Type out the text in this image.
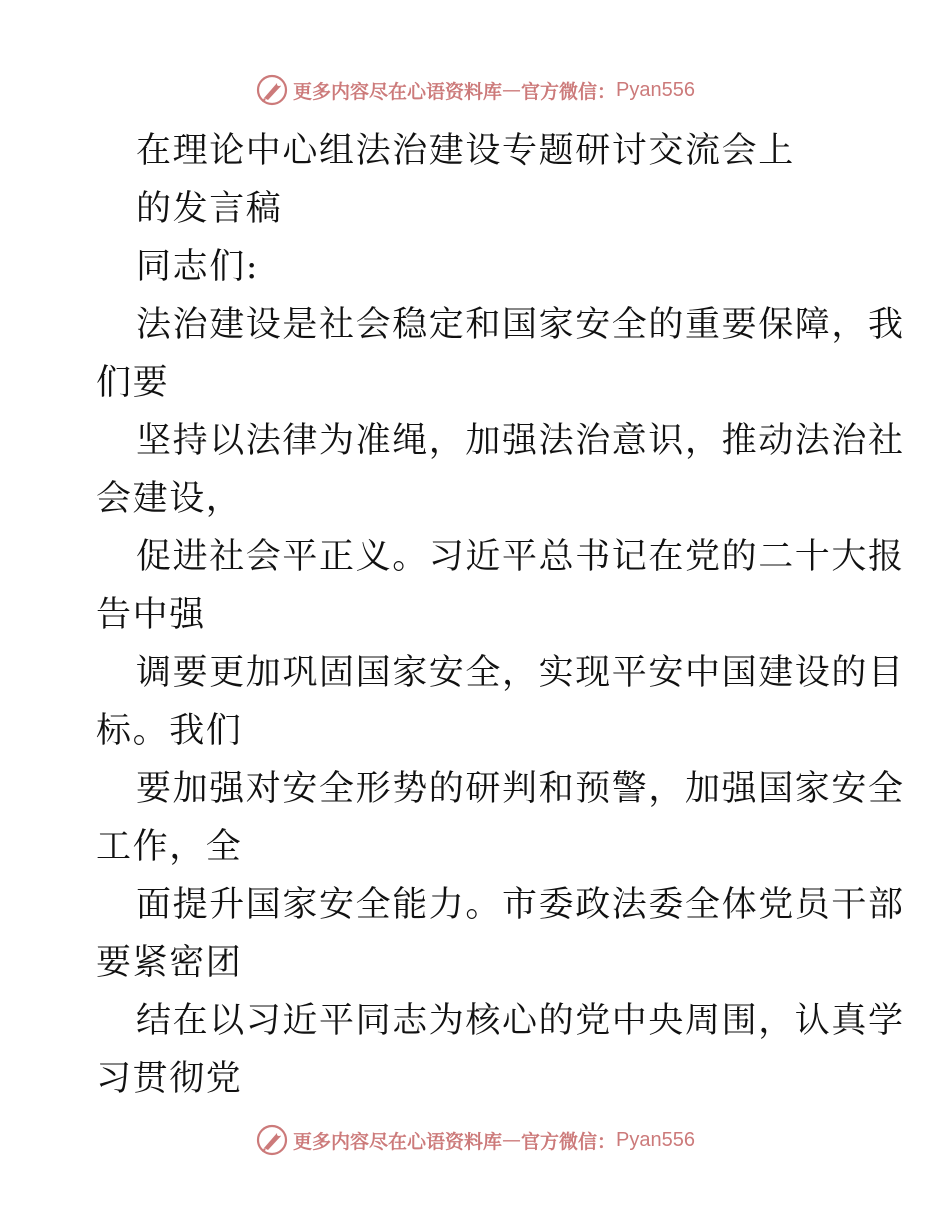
更多内容尽在心语资料库 — 官方微信： Pyan556
在理论中心组法治建设专题研讨交流会上
的发言稿
同志们:
法治建设是社会稳定和国家安全的重要保障，我
们要
坚持以法律为准绳，加强法治意识，推动法治社
会建设，
促进社会平正义。习近平总书记在党的二十大报
告中强
调要更加巩固国家安全，实现平安中国建设的目
标。我们
要加强对安全形势的研判和预警，加强国家安全
工作，全
面提升国家安全能力。市委政法委全体党员干部
要紧密团
结在以习近平同志为核心的党中央周围，认真学
习贯彻党
更多内容尽在心语资料库 — 官方微信： Pyan556
